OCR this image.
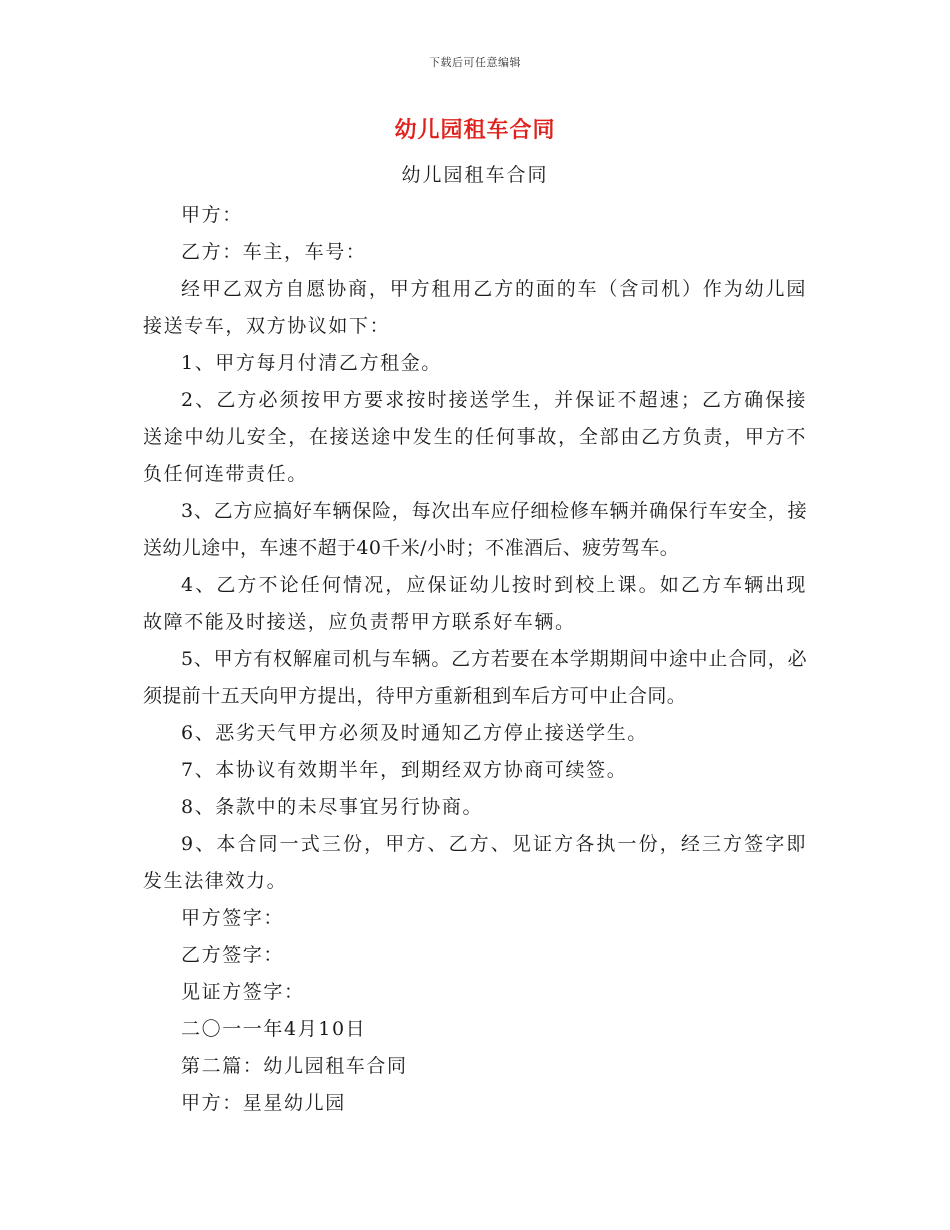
下载后可任意编辑
幼儿园租车合同
幼儿园租车合同

甲方：

乙方：车主，车号：

经甲乙双方自愿协商，甲方租用乙方的面的车（含司机）作为幼儿园接送专车，双方协议如下：

1、甲方每月付清乙方租金。

2、乙方必须按甲方要求按时接送学生，并保证不超速；乙方确保接送途中幼儿安全，在接送途中发生的任何事故，全部由乙方负责，甲方不负任何连带责任。

3、乙方应搞好车辆保险，每次出车应仔细检修车辆并确保行车安全，接送幼儿途中，车速不超于40千米/小时；不准酒后、疲劳驾车。

4、乙方不论任何情况，应保证幼儿按时到校上课。如乙方车辆出现故障不能及时接送，应负责帮甲方联系好车辆。

5、甲方有权解雇司机与车辆。乙方若要在本学期期间中途中止合同，必须提前十五天向甲方提出，待甲方重新租到车后方可中止合同。

6、恶劣天气甲方必须及时通知乙方停止接送学生。

7、本协议有效期半年，到期经双方协商可续签。

8、条款中的未尽事宜另行协商。

9、本合同一式三份，甲方、乙方、见证方各执一份，经三方签字即发生法律效力。

甲方签字：

乙方签字：

见证方签字：

二〇一一年4月10日

第二篇：幼儿园租车合同

甲方：星星幼儿园
